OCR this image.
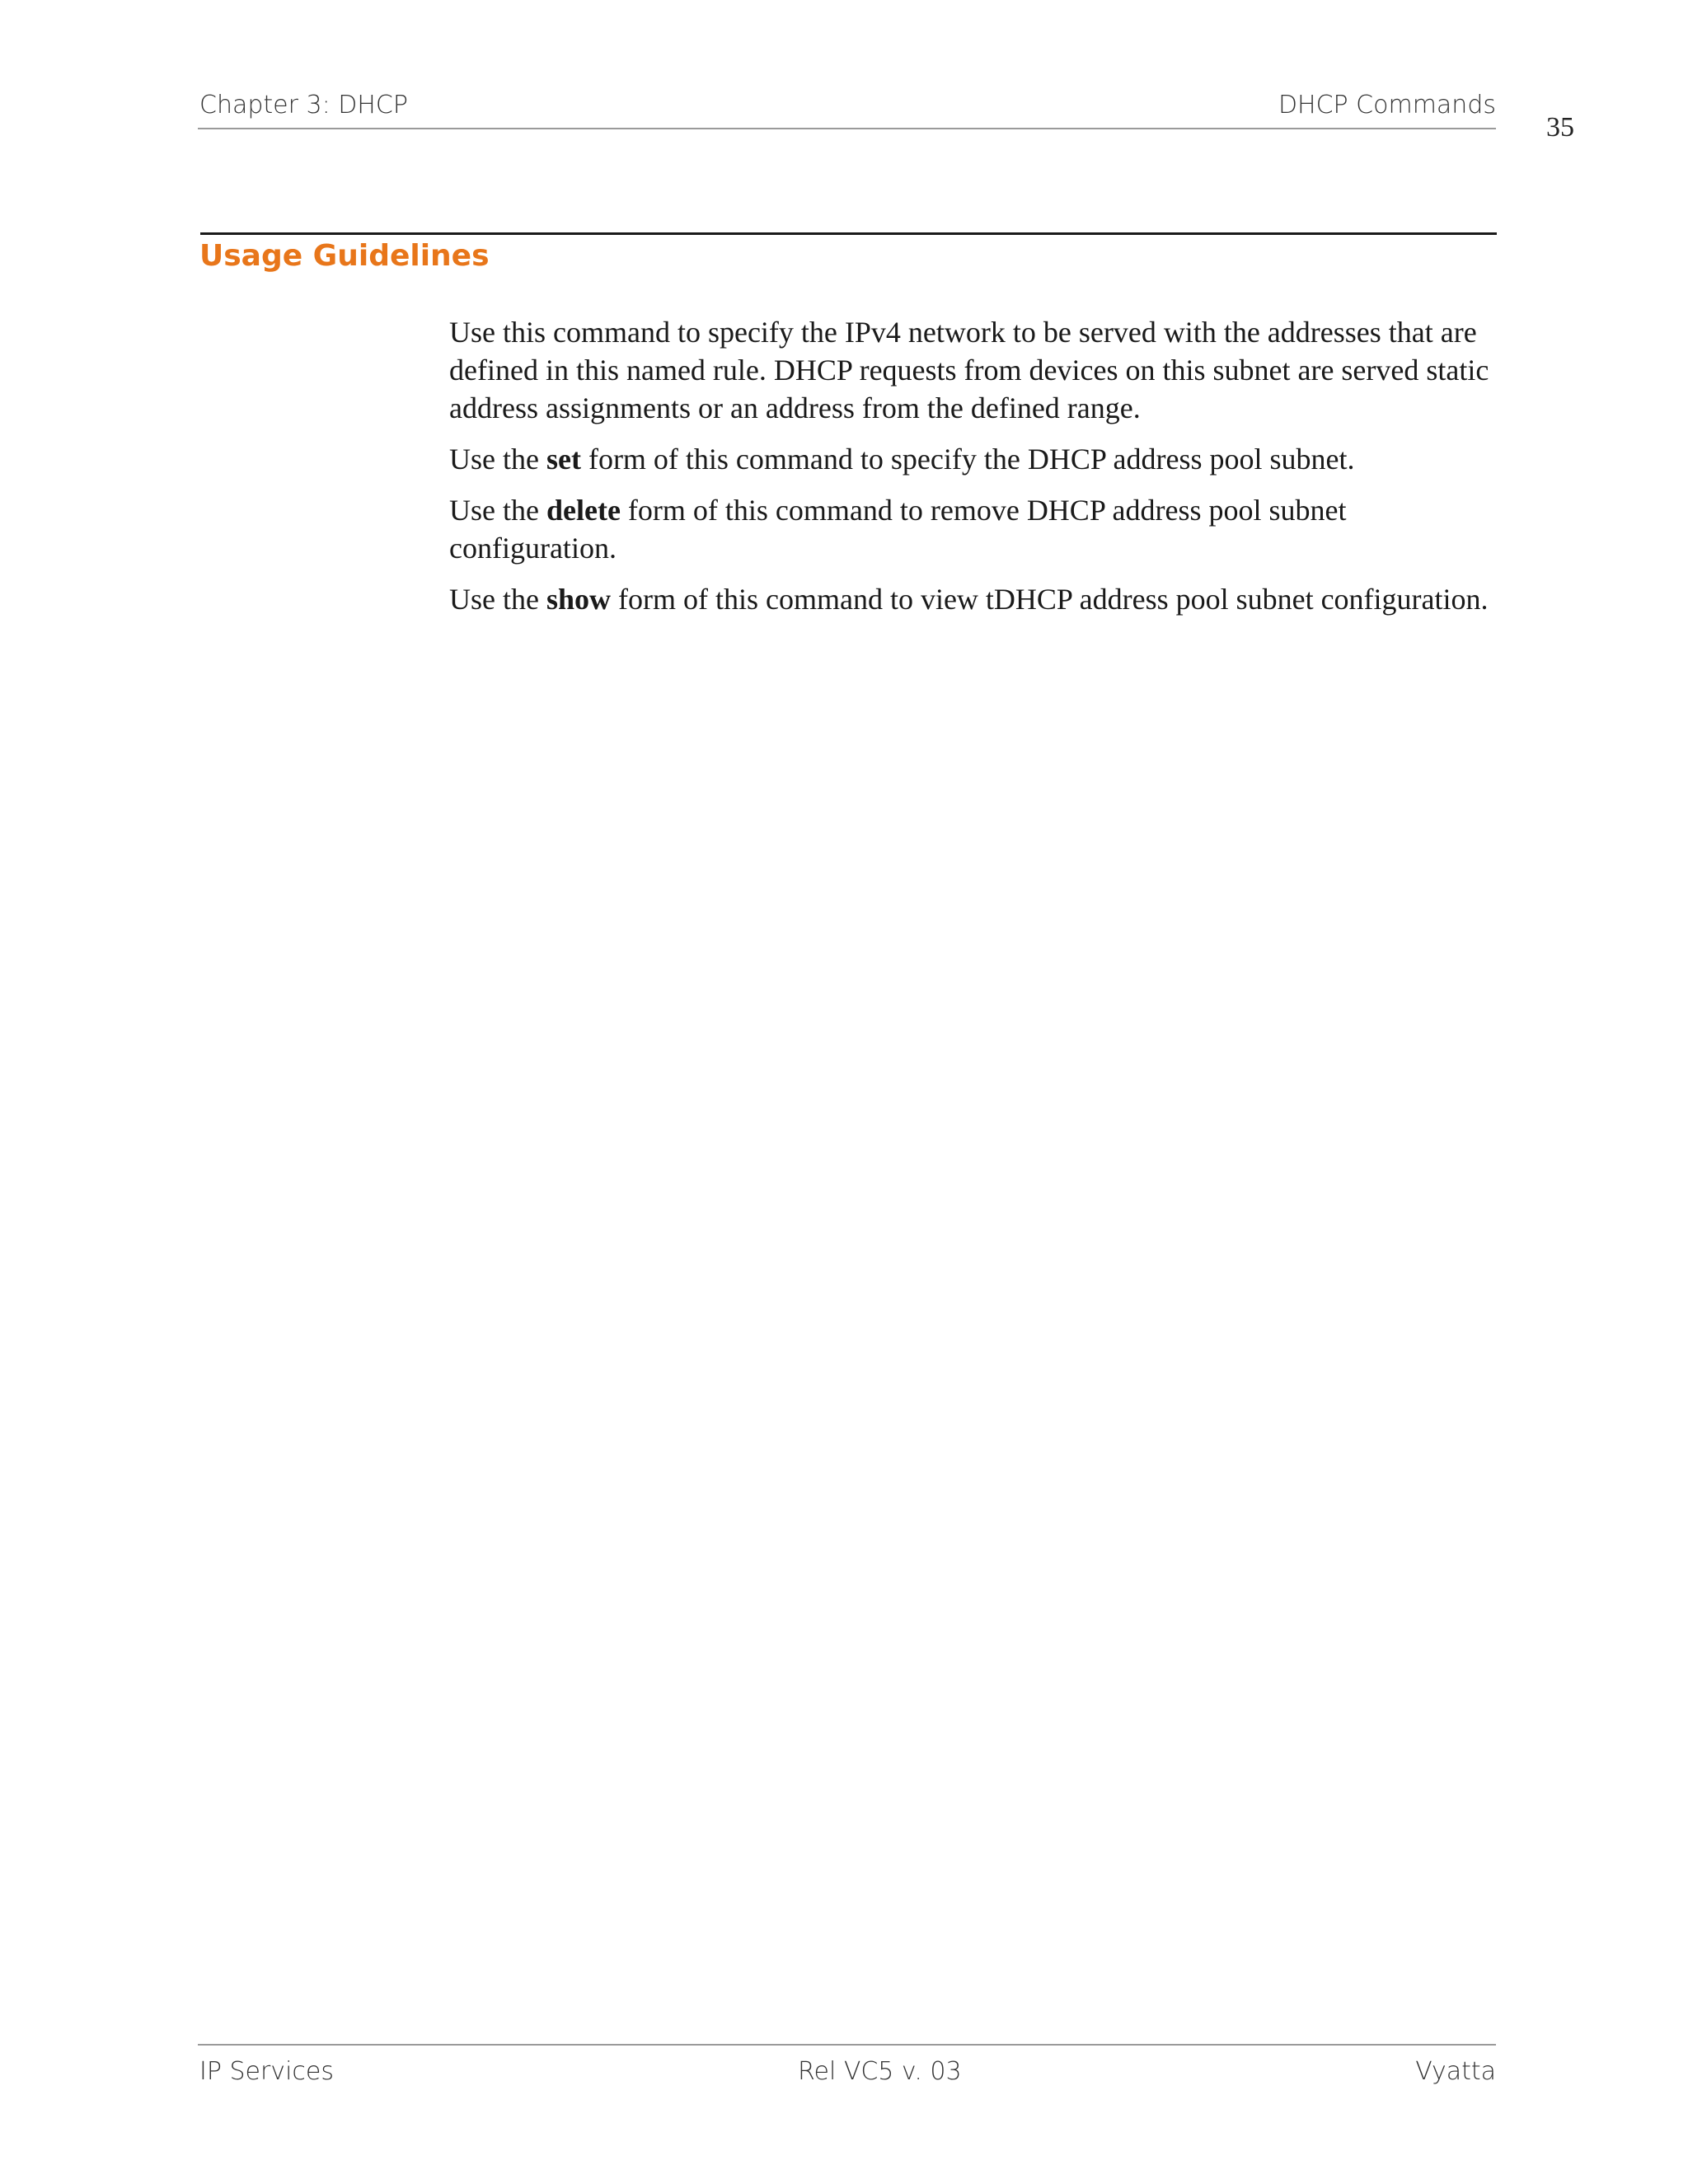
Chapter 3: DHCP	DHCP Commands
35
Usage Guidelines

Use this command to specify the IPv4 network to be served with the addresses that are defined in this named rule. DHCP requests from devices on this subnet are served static address assignments or an address from the defined range.

Use the set form of this command to specify the DHCP address pool subnet.

Use the delete form of this command to remove DHCP address pool subnet configuration.

Use the show form of this command to view tDHCP address pool subnet configuration.

IP Services	Rel VC5 v. 03	Vyatta
